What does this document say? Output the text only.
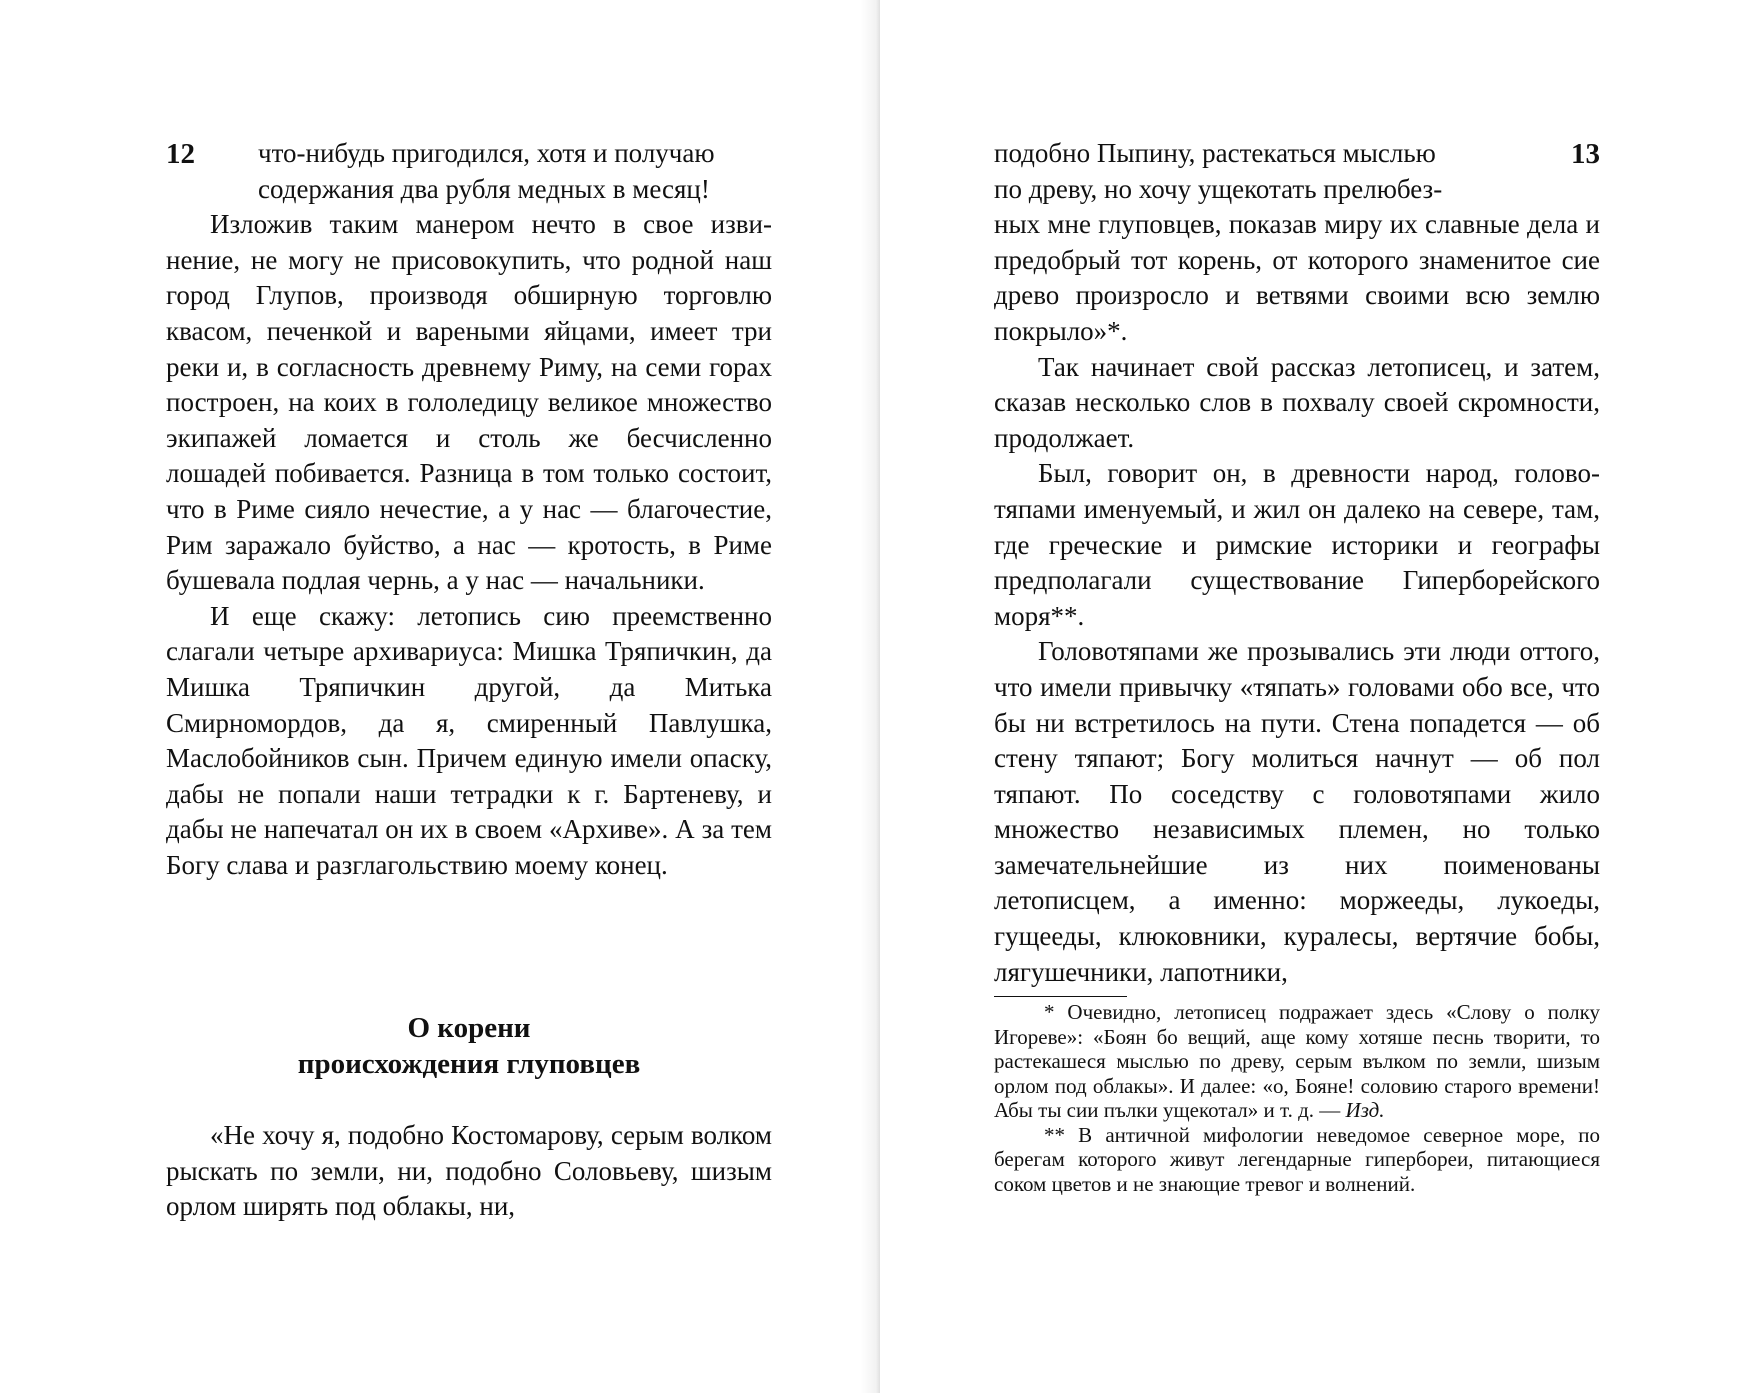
12	что-нибудь пригодился, хотя и получаю

содержания два рубля медных в месяц!

Изложив таким манером нечто в свое извинение, не могу не присовокупить, что родной наш город Глупов, производя обширную торговлю квасом, печенкой и вареными яйцами, имеет три реки и, в согласность древнему Риму, на семи горах построен, на коих в гололедицу великое множество экипажей ломается и столь же бесчисленно лошадей побивается. Разница в том только состоит, что в Риме сияло нечестие, а у нас — благочестие, Рим заражало буйство, а нас — кротость, в Риме бушевала подлая чернь, а у нас — начальники.

И еще скажу: летопись сию преемственно слагали четыре архивариуса: Мишка Тряпичкин, да Мишка Тряпичкин другой, да Митька Смирномордов, да я, смиренный Павлушка, Маслобойников сын. Причем единую имели опаску, дабы не попали наши тетрадки к г. Бартеневу, и дабы не напечатал он их в своем «Архиве». А за тем Богу слава и разглагольствию моему конец.

О корени
происхождения глуповцев

«Не хочу я, подобно Костомарову, серым волком рыскать по земли, ни, подобно Соловьеву, шизым орлом ширять под облакы, ни,

13

подобно Пыпину, растекаться мыслью

по древу, но хочу ущекотать прелюбез-

ных мне глуповцев, показав миру их славные дела и предобрый тот корень, от которого знаменитое сие древо произросло и ветвями своими всю землю покрыло»*.

Так начинает свой рассказ летописец, и затем, сказав несколько слов в похвалу своей скромности, продолжает.

Был, говорит он, в древности народ, головотяпами именуемый, и жил он далеко на севере, там, где греческие и римские историки и географы предполагали существование Гиперборейского моря**.

Головотяпами же прозывались эти люди оттого, что имели привычку «тяпать» головами обо все, что бы ни встретилось на пути. Стена попадется — об стену тяпают; Богу молиться начнут — об пол тяпают. По соседству с головотяпами жило множество независимых племен, но только замечательнейшие из них поименованы летописцем, а именно: моржееды, лукоеды, гущееды, клюковники, куралесы, вертячие бобы, лягушечники, лапотники,

* Очевидно, летописец подражает здесь «Слову о полку Игореве»: «Боян бо вещий, аще кому хотяше песнь творити, то растекашеся мыслью по древу, серым вълком по земли, шизым орлом под облакы». И далее: «о, Бояне! соловию старого времени! Абы ты сии пълки ущекотал» и т. д. — Изд.

** В античной мифологии неведомое северное море, по берегам которого живут легендарные гипербореи, питающиеся соком цветов и не знающие тревог и волнений.
